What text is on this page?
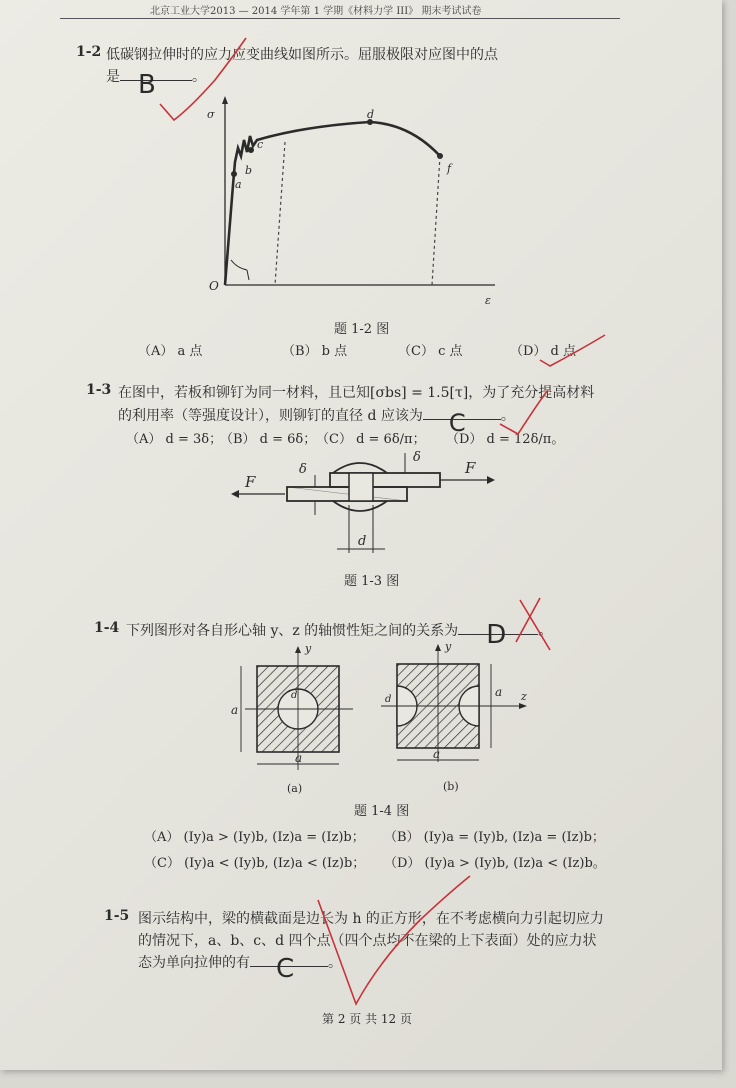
北京工业大学2013 — 2014 学年第 1 学期《材料力学 III》 期末考试试卷
1-2 低碳钢拉伸时的应力应变曲线如图所示。屈服极限对应图中的点
是 B	。
σ
O
ε
a
b
c
d
f
题 1-2 图
（A） a 点	（B） b 点	（C） c 点	（D） d 点
1-3 在图中，若板和铆钉为同一材料，且已知[σbs] = 1.5[τ]，为了充分提高材料
的利用率（等强度设计），则铆钉的直径 d 应该为 C	。
（A） d = 3δ；
（B） d = 6δ； （C） d = 6δ/π； （D） d = 12δ/π。
F
F
δ
δ
d
题 1-3 图
1-4 下列图形对各自形心轴 y、z 的轴惯性矩之间的关系为 D 。
y
a
a
d
(a)
y
z
d
a
a
(b)
题 1-4 图
（A） (Iy)a > (Iy)b, (Iz)a = (Iz)b； （B） (Iy)a = (Iy)b, (Iz)a = (Iz)b；
（C） (Iy)a < (Iy)b, (Iz)a < (Iz)b； （D） (Iy)a > (Iy)b, (Iz)a < (Iz)b。
1-5 图示结构中，梁的横截面是边长为 h 的正方形，在不考虑横向力引起切应力
的情况下，a、b、c、d 四个点（四个点均不在梁的上下表面）处的应力状
态为单向拉伸的有 C 。
第 2 页 共 12 页
